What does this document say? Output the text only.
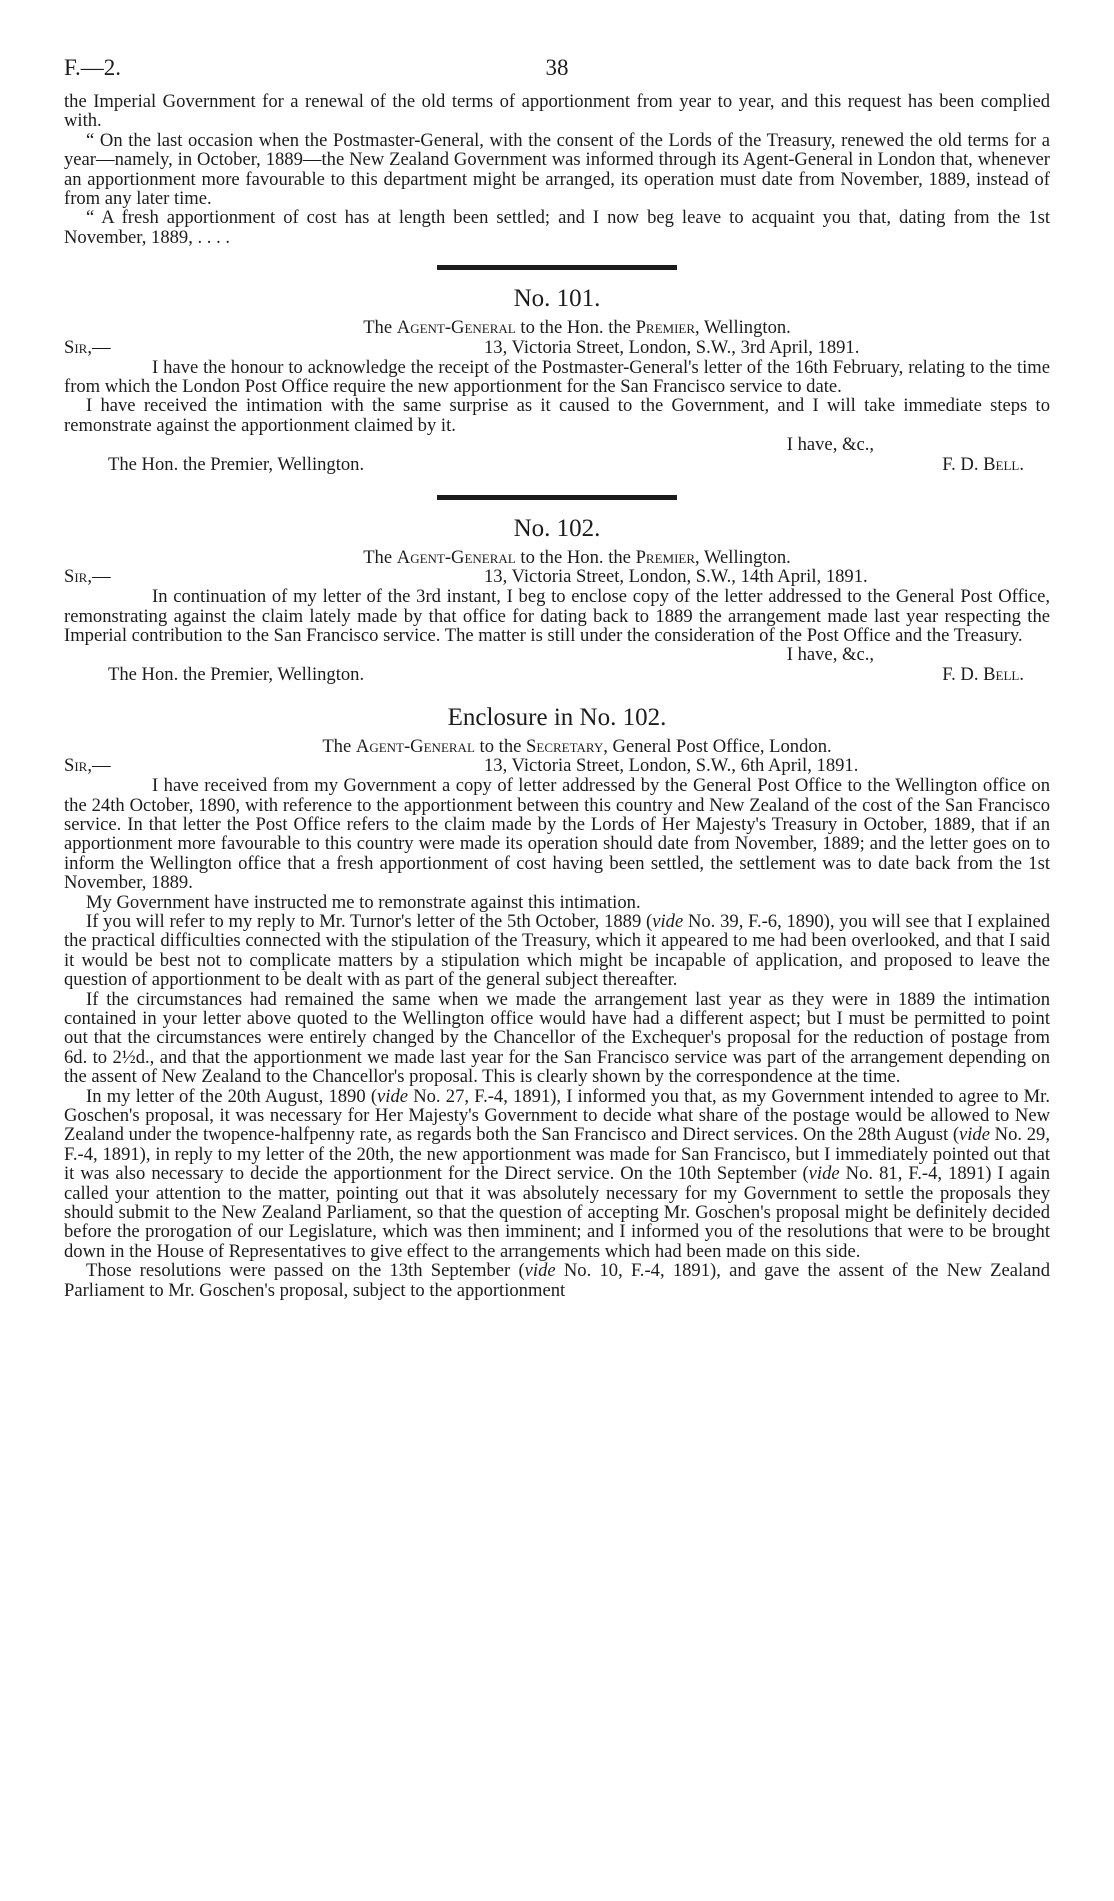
F.—2.	38

the Imperial Government for a renewal of the old terms of apportionment from year to year, and this request has been complied with.

“ On the last occasion when the Postmaster-General, with the consent of the Lords of the Treasury, renewed the old terms for a year—namely, in October, 1889—the New Zealand Government was informed through its Agent-General in London that, whenever an apportionment more favourable to this department might be arranged, its operation must date from November, 1889, instead of from any later time.

“ A fresh apportionment of cost has at length been settled; and I now beg leave to acquaint you that, dating from the 1st November, 1889, . . . .

No. 101.
The Agent-General to the Hon. the Premier, Wellington.
Sir,—	13, Victoria Street, London, S.W., 3rd April, 1891.

I have the honour to acknowledge the receipt of the Postmaster-General's letter of the 16th February, relating to the time from which the London Post Office require the new apportionment for the San Francisco service to date.

I have received the intimation with the same surprise as it caused to the Government, and I will take immediate steps to remonstrate against the apportionment claimed by it.

I have, &c.,
The Hon. the Premier, Wellington.	F. D. Bell.
No. 102.
The Agent-General to the Hon. the Premier, Wellington.
Sir,—	13, Victoria Street, London, S.W., 14th April, 1891.

In continuation of my letter of the 3rd instant, I beg to enclose copy of the letter addressed to the General Post Office, remonstrating against the claim lately made by that office for dating back to 1889 the arrangement made last year respecting the Imperial contribution to the San Francisco service. The matter is still under the consideration of the Post Office and the Treasury.

I have, &c.,
The Hon. the Premier, Wellington.	F. D. Bell.
Enclosure in No. 102.
The Agent-General to the Secretary, General Post Office, London.
Sir,—	13, Victoria Street, London, S.W., 6th April, 1891.

I have received from my Government a copy of letter addressed by the General Post Office to the Wellington office on the 24th October, 1890, with reference to the apportionment between this country and New Zealand of the cost of the San Francisco service. In that letter the Post Office refers to the claim made by the Lords of Her Majesty's Treasury in October, 1889, that if an apportionment more favourable to this country were made its operation should date from November, 1889; and the letter goes on to inform the Wellington office that a fresh apportionment of cost having been settled, the settlement was to date back from the 1st November, 1889.

My Government have instructed me to remonstrate against this intimation.

If you will refer to my reply to Mr. Turnor's letter of the 5th October, 1889 (vide No. 39, F.-6, 1890), you will see that I explained the practical difficulties connected with the stipulation of the Treasury, which it appeared to me had been overlooked, and that I said it would be best not to complicate matters by a stipulation which might be incapable of application, and proposed to leave the question of apportionment to be dealt with as part of the general subject thereafter.

If the circumstances had remained the same when we made the arrangement last year as they were in 1889 the intimation contained in your letter above quoted to the Wellington office would have had a different aspect; but I must be permitted to point out that the circumstances were entirely changed by the Chancellor of the Exchequer's proposal for the reduction of postage from 6d. to 2½d., and that the apportionment we made last year for the San Francisco service was part of the arrangement depending on the assent of New Zealand to the Chancellor's proposal. This is clearly shown by the correspondence at the time.

In my letter of the 20th August, 1890 (vide No. 27, F.-4, 1891), I informed you that, as my Government intended to agree to Mr. Goschen's proposal, it was necessary for Her Majesty's Government to decide what share of the postage would be allowed to New Zealand under the twopence-halfpenny rate, as regards both the San Francisco and Direct services. On the 28th August (vide No. 29, F.-4, 1891), in reply to my letter of the 20th, the new apportionment was made for San Francisco, but I immediately pointed out that it was also necessary to decide the apportionment for the Direct service. On the 10th September (vide No. 81, F.-4, 1891) I again called your attention to the matter, pointing out that it was absolutely necessary for my Government to settle the proposals they should submit to the New Zealand Parliament, so that the question of accepting Mr. Goschen's proposal might be definitely decided before the prorogation of our Legislature, which was then imminent; and I informed you of the resolutions that were to be brought down in the House of Representatives to give effect to the arrangements which had been made on this side.

Those resolutions were passed on the 13th September (vide No. 10, F.-4, 1891), and gave the assent of the New Zealand Parliament to Mr. Goschen's proposal, subject to the apportionment
